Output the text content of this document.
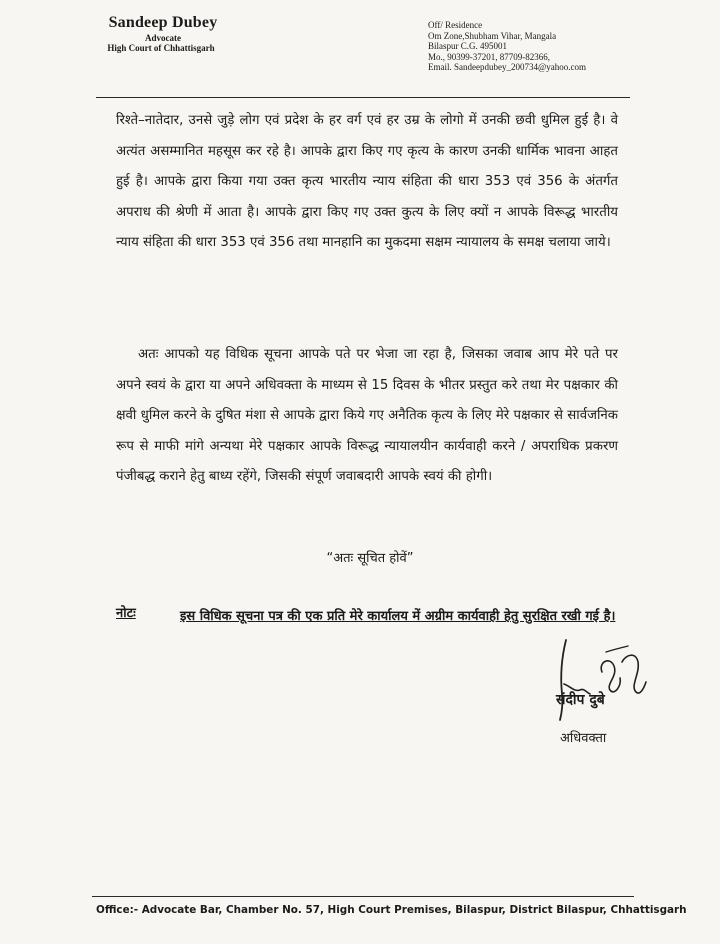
Sandeep Dubey
Advocate
High Court of Chhattisgarh
Off/ Residence
Om Zone,Shubham Vihar, Mangala
Bilaspur C.G. 495001
Mo., 90399-37201, 87709-82366,
Email. Sandeepdubey_200734@yahoo.com
रिश्ते–नातेदार, उनसे जुड़े लोग एवं प्रदेश के हर वर्ग एवं हर उम्र के लोगो में उनकी छवी धुमिल हुई है। वे अत्यंत असम्मानित महसूस कर रहे है। आपके द्वारा किए गए कृत्य के कारण उनकी धार्मिक भावना आहत हुई है। आपके द्वारा किया गया उक्त कृत्य भारतीय न्याय संहिता की धारा 353 एवं 356 के अंतर्गत अपराध की श्रेणी में आता है। आपके द्वारा किए गए उक्त कुत्य के लिए क्यों न आपके विरूद्ध भारतीय न्याय संहिता की धारा 353 एवं 356 तथा मानहानि का मुकदमा सक्षम न्यायालय के समक्ष चलाया जाये।
अतः आपको यह विधिक सूचना आपके पते पर भेजा जा रहा है, जिसका जवाब आप मेरे पते पर अपने स्वयं के द्वारा या अपने अधिवक्ता के माध्यम से 15 दिवस के भीतर प्रस्तुत करे तथा मेर पक्षकार की क्षवी धुमिल करने के दुषित मंशा से आपके द्वारा किये गए अनैतिक कृत्य के लिए मेरे पक्षकार से सार्वजनिक रूप से माफी मांगे अन्यथा मेरे पक्षकार आपके विरूद्ध न्यायालयीन कार्यवाही करने / अपराधिक प्रकरण पंजीबद्ध कराने हेतु बाध्य रहेंगे, जिसकी संपूर्ण जवाबदारी आपके स्वयं की होगी।
“अतः सूचित होवें”
नोटः	इस विधिक सूचना पत्र की एक प्रति मेरे कार्यालय में अग्रीम कार्यवाही हेतु सुरक्षित रखी गई है।
संदीप दुबे
अधिवक्ता
Office:- Advocate Bar, Chamber No. 57, High Court Premises, Bilaspur, District Bilaspur, Chhattisgarh
